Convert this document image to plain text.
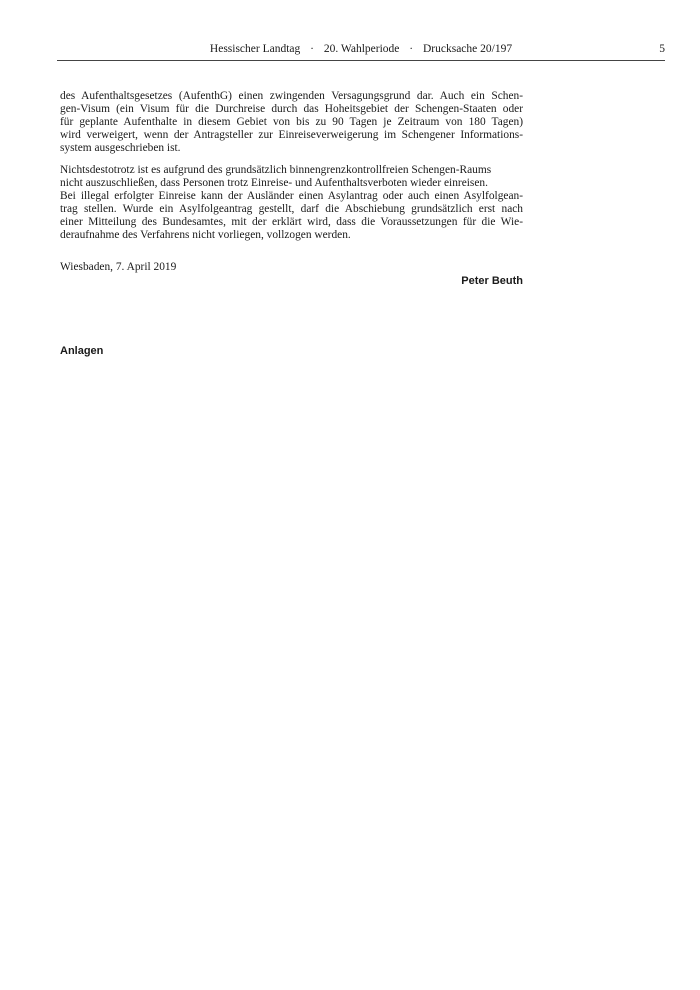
Hessischer Landtag · 20. Wahlperiode · Drucksache 20/197	5

des Aufenthaltsgesetzes (AufenthG) einen zwingenden Versagungsgrund dar. Auch ein Schen-
gen-Visum (ein Visum für die Durchreise durch das Hoheitsgebiet der Schengen-Staaten oder
für geplante Aufenthalte in diesem Gebiet von bis zu 90 Tagen je Zeitraum von 180 Tagen)
wird verweigert, wenn der Antragsteller zur Einreiseverweigerung im Schengener Informations-
system ausgeschrieben ist.

Nichtsdestotrotz ist es aufgrund des grundsätzlich binnengrenzkontrollfreien Schengen-Raums
nicht auszuschließen, dass Personen trotz Einreise- und Aufenthaltsverboten wieder einreisen.
Bei illegal erfolgter Einreise kann der Ausländer einen Asylantrag oder auch einen Asylfolgean-
trag stellen. Wurde ein Asylfolgeantrag gestellt, darf die Abschiebung grundsätzlich erst nach
einer Mitteilung des Bundesamtes, mit der erklärt wird, dass die Voraussetzungen für die Wie-
deraufnahme des Verfahrens nicht vorliegen, vollzogen werden.

Wiesbaden, 7. April 2019
Peter Beuth
Anlagen
